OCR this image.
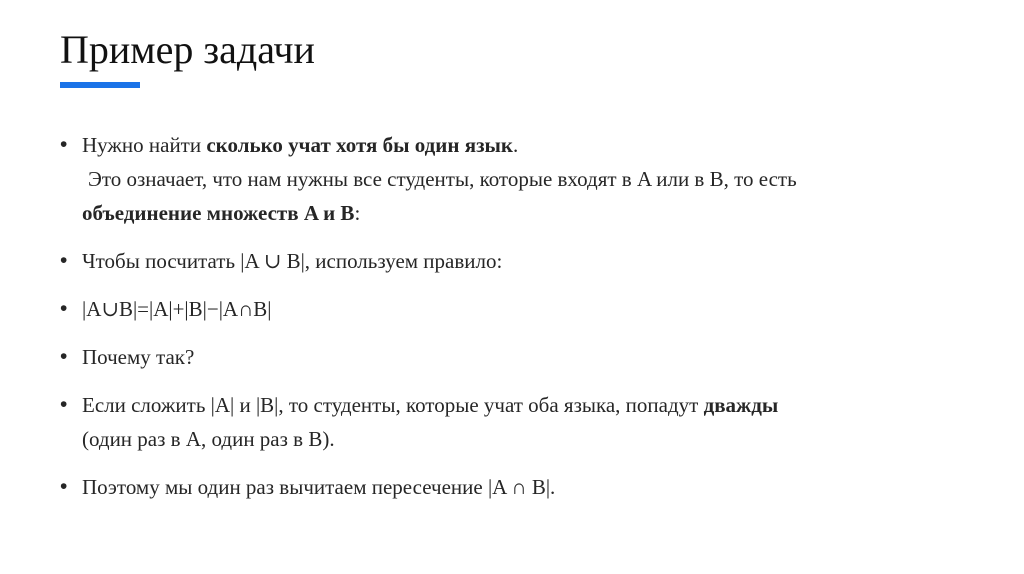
Пример задачи
• Нужно найти сколько учат хотя бы один язык.
Это означает, что нам нужны все студенты, которые входят в A или в B, то есть
объединение множеств A и B:
• Чтобы посчитать |A ∪ B|, используем правило:
• |A∪B|=|A|+|B|−|A∩B|
• Почему так?
• Если сложить |A| и |B|, то студенты, которые учат оба языка, попадут дважды
(один раз в A, один раз в B).
• Поэтому мы один раз вычитаем пересечение |A ∩ B|.
